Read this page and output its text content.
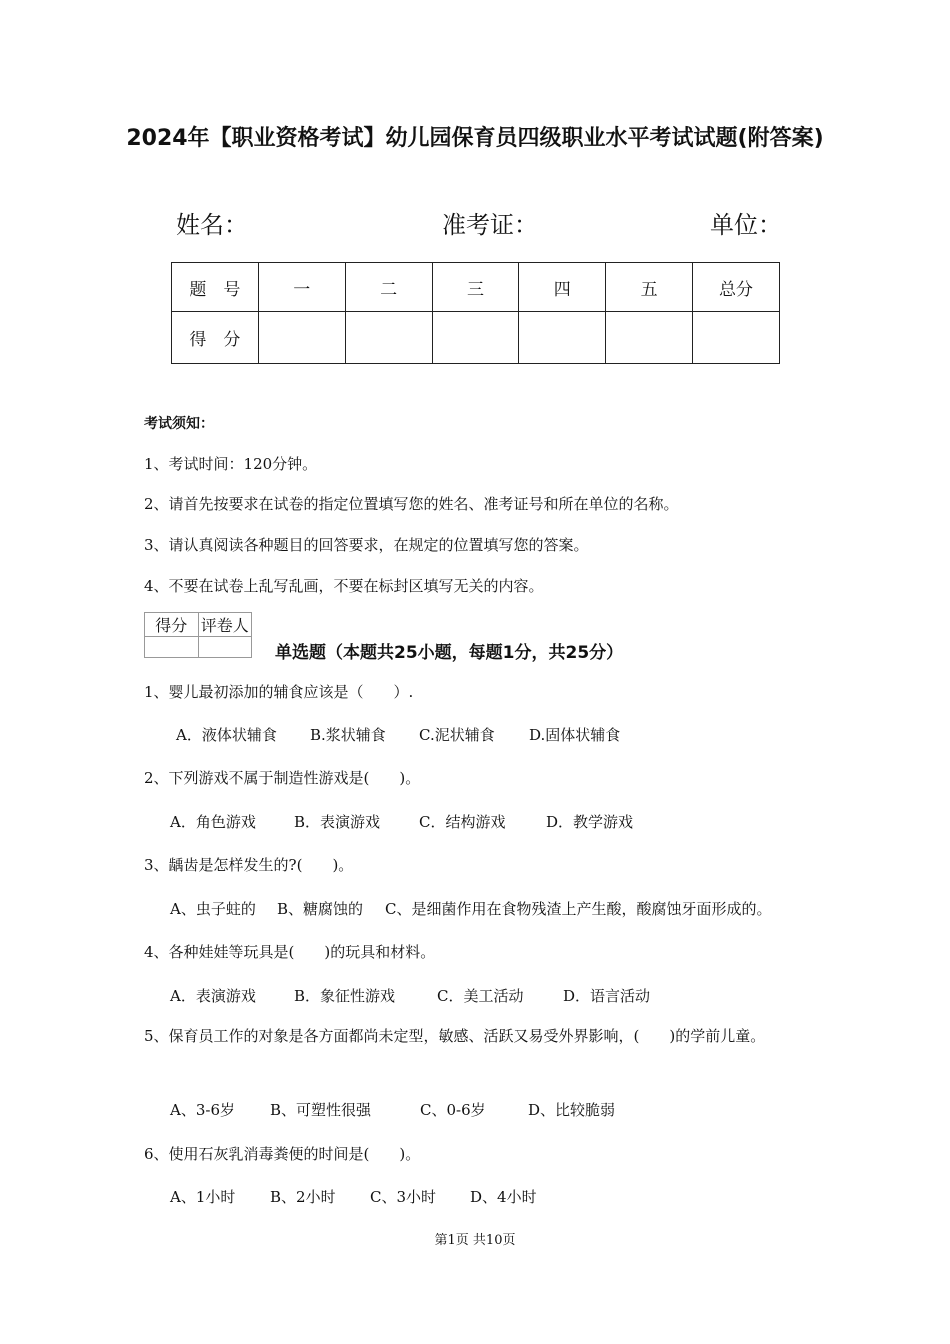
2024年【职业资格考试】幼儿园保育员四级职业水平考试试题(附答案)
姓名：	准考证：	单位：
题　号	一	二	三	四	五	总分
得　分						
考试须知：
1、考试时间：120分钟。
2、请首先按要求在试卷的指定位置填写您的姓名、准考证号和所在单位的名称。
3、请认真阅读各种题目的回答要求，在规定的位置填写您的答案。
4、不要在试卷上乱写乱画，不要在标封区填写无关的内容。
得分	评卷人

单选题（本题共25小题，每题1分，共25分）
1、婴儿最初添加的辅食应该是（　　）.
A．液体状辅食 B.浆状辅食 C.泥状辅食 D.固体状辅食
2、下列游戏不属于制造性游戏是(　　)。
A．角色游戏	B．表演游戏	C．结构游戏	D．教学游戏
3、龋齿是怎样发生的?(　　)。
A、虫子蛀的 B、糖腐蚀的 C、是细菌作用在食物残渣上产生酸，酸腐蚀牙面形成的。
4、各种娃娃等玩具是(　　)的玩具和材料。
A．表演游戏	B．象征性游戏	C．美工活动	D．语言活动
5、保育员工作的对象是各方面都尚未定型，敏感、活跃又易受外界影响，(　　)的学前儿童。
A、3-6岁 B、可塑性很强	C、0-6岁	D、比较脆弱
6、使用石灰乳消毒粪便的时间是(　　)。
A、1小时 B、2小时 C、3小时 D、4小时
第1页 共10页
